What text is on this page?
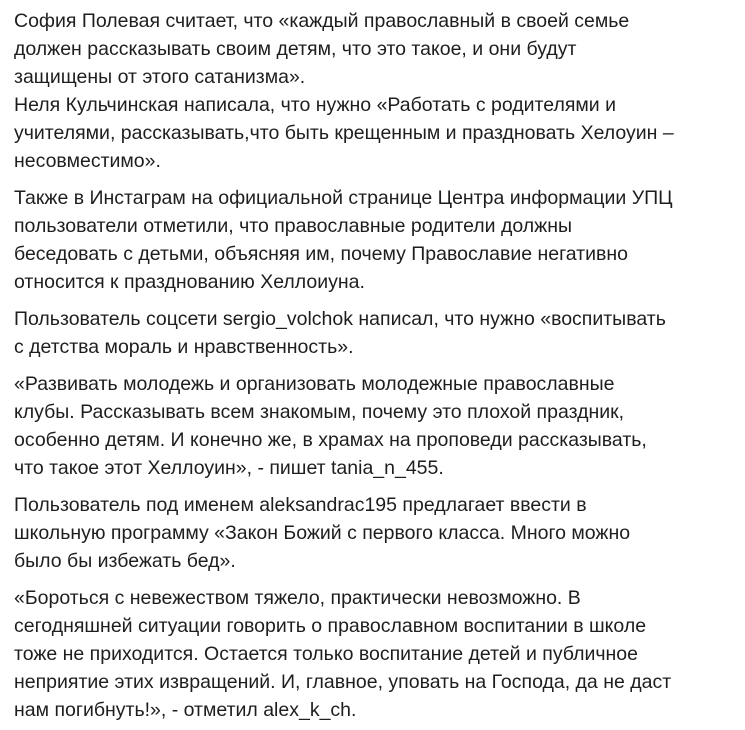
София Полевая считает, что «каждый православный в своей семье
должен рассказывать своим детям, что это такое, и они будут
защищены от этого сатанизма».
Неля Кульчинская написала, что нужно «Работать с родителями и
учителями, рассказывать,что быть крещенным и праздновать Хелоуин –
несовместимо».

Также в Инстаграм на официальной странице Центра информации УПЦ
пользователи отметили, что православные родители должны
беседовать с детьми, объясняя им, почему Православие негативно
относится к празднованию Хеллоиуна.

Пользователь соцсети sergio_volchok написал, что нужно «воспитывать
с детства мораль и нравственность».

«Развивать молодежь и организовать молодежные православные
клубы. Рассказывать всем знакомым, почему это плохой праздник,
особенно детям. И конечно же, в храмах на проповеди рассказывать,
что такое этот Хеллоуин», - пишет tania_n_455.

Пользователь под именем aleksandrac195 предлагает ввести в
школьную программу «Закон Божий с первого класса. Много можно
было бы избежать бед».

«Бороться с невежеством тяжело, практически невозможно. В
сегодняшней ситуации говорить о православном воспитании в школе
тоже не приходится. Остается только воспитание детей и публичное
неприятие этих извращений. И, главное, уповать на Господа, да не даст
нам погибнуть!», - отметил alex_k_ch.
